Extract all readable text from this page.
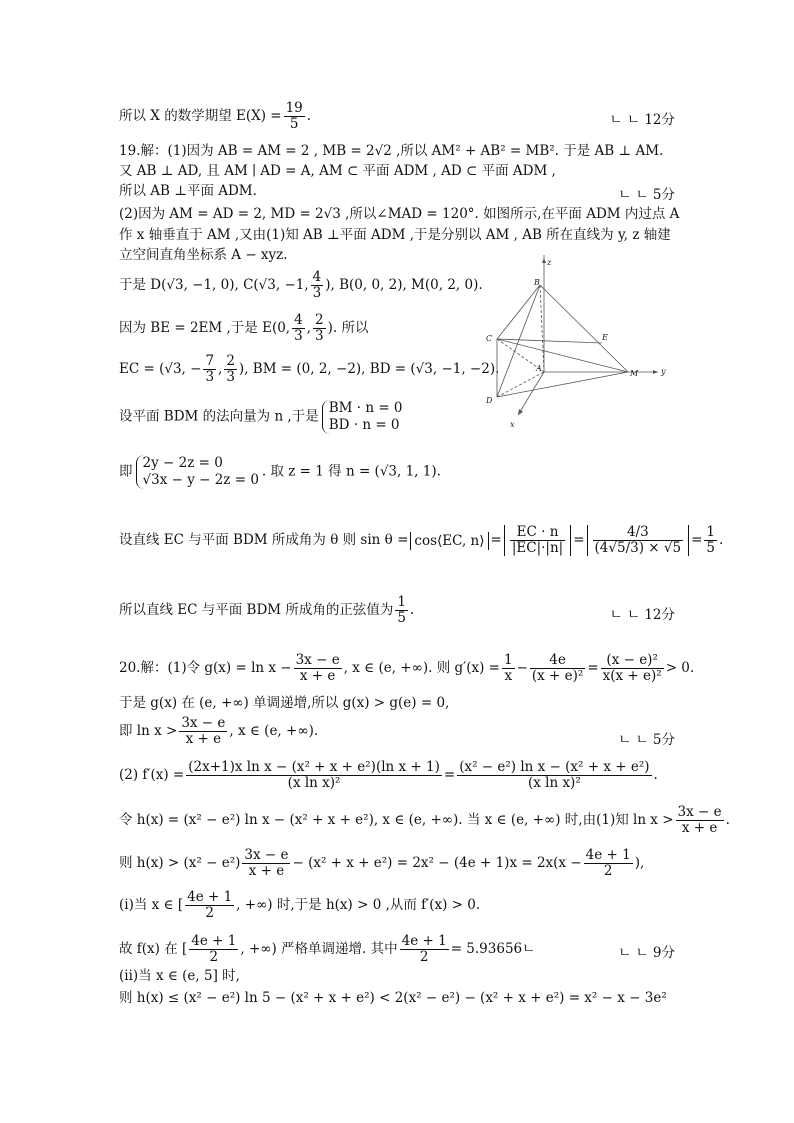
所以 X 的数学期望 $E(X) = \frac{19}{5}$ .	ㄴ ㄴ 12分
19.解：(1)因为 AB = AM = 2 , MB = 2√2 ,所以 AM² + AB² = MB². 于是 AB ⊥ AM.
又 AB ⊥ AD, 且 AM ∣ AD = A, AM ⊂ 平面 ADM , AD ⊂ 平面 ADM ,
所以 AB ⊥平面 ADM.	ㄴ ㄴ 5分
(2)因为 AM = AD = 2, MD = 2√3 ,所以∠MAD = 120°. 如图所示,在平面 ADM 内过点 A
作 x 轴垂直于 AM ,又由(1)知 AB ⊥平面 ADM ,于是分别以 AM , AB 所在直线为 y, z 轴建
立空间直角坐标系 A − xyz.
于是 D(√3, −1, 0), C(√3, −1, $\frac{4}{3}$ ), B(0, 0, 2), M(0, 2, 0).
因为 BE = 2EM ,于是 E(0, $\frac{4}{3}$ , $\frac{2}{3}$ ). 所以
EC = (√3, − $\frac{7}{3}$ , $\frac{2}{3}$ ), BM = (0, 2, −2), BD = (√3, −1, −2).
设平面 BDM 的法向量为 n ,于是
BM · n = 0
BD · n = 0
即
2y − 2z = 0
√3x − y − 2z = 0
. 取 z = 1 得 n = (√3, 1, 1).
设直线 EC 与平面 BDM 所成角为 θ 则 sin θ = cos⟨EC, n⟩ = $\frac{EC \cdot n}{|EC|\cdot|n|} = \frac{4/3}{(4√5/3) \times √5} = \frac{1}{5}$ .
所以直线 EC 与平面 BDM 所成角的正弦值为 $\frac{1}{5}$ .	ㄴ ㄴ 12分
20.解：(1)令 $g(x) = \ln x - \frac{3x - e}{x + e}$ , x ∈ (e, +∞). 则 $g'(x) = \frac{1}{x} - \frac{4e}{\text{(x + e)²}} = \frac{\text{(x − e)²}}{\text{x(x + e)²}} > 0$.
于是 g(x) 在 (e, +∞) 单调递增,所以 g(x) > g(e) = 0,
即 $\ln x > \frac{3x - e}{x + e}$ , x ∈ (e, +∞).
ㄴ ㄴ 5分
(2) $f'(x) = \frac{\text{(2x+1)x ln x − (x² + x + e²)(ln x + 1)}}{\text{(x ln x)²}} = \frac{\text{(x² − e²) ln x − (x² + x + e²)}}{\text{(x ln x)²}}$ .
令 h(x) = (x² − e²) ln x − (x² + x + e²), x ∈ (e, +∞). 当 x ∈ (e, +∞) 时,由(1)知 $\ln x > \frac{3x - e}{x + e}$ .
则 $h(x) > (x^2 - e^2) \frac{3x - e}{x + e} - (x^2 + x + e^2) = 2x^2 - (4e + 1)x = 2x(x - \frac{4e + 1}{2}$ ),
(i)当 x ∈ [ $\frac{4e + 1}{2}$ , +∞) 时,于是 h(x) > 0 ,从而 f′(x) > 0.
故 f(x) 在 [ $\frac{4e + 1}{2}$ , +∞) 严格单调递增. 其中 $\frac{4e + 1}{2} = 5.93656$ㄴ	ㄴ ㄴ 9分
(ii)当 x ∈ (e, 5] 时,
则 h(x) ≤ (x² − e²) ln 5 − (x² + x + e²) < 2(x² − e²) − (x² + x + e²) = x² − x − 3e²
z
B
C	E
A
M	y
D
x
